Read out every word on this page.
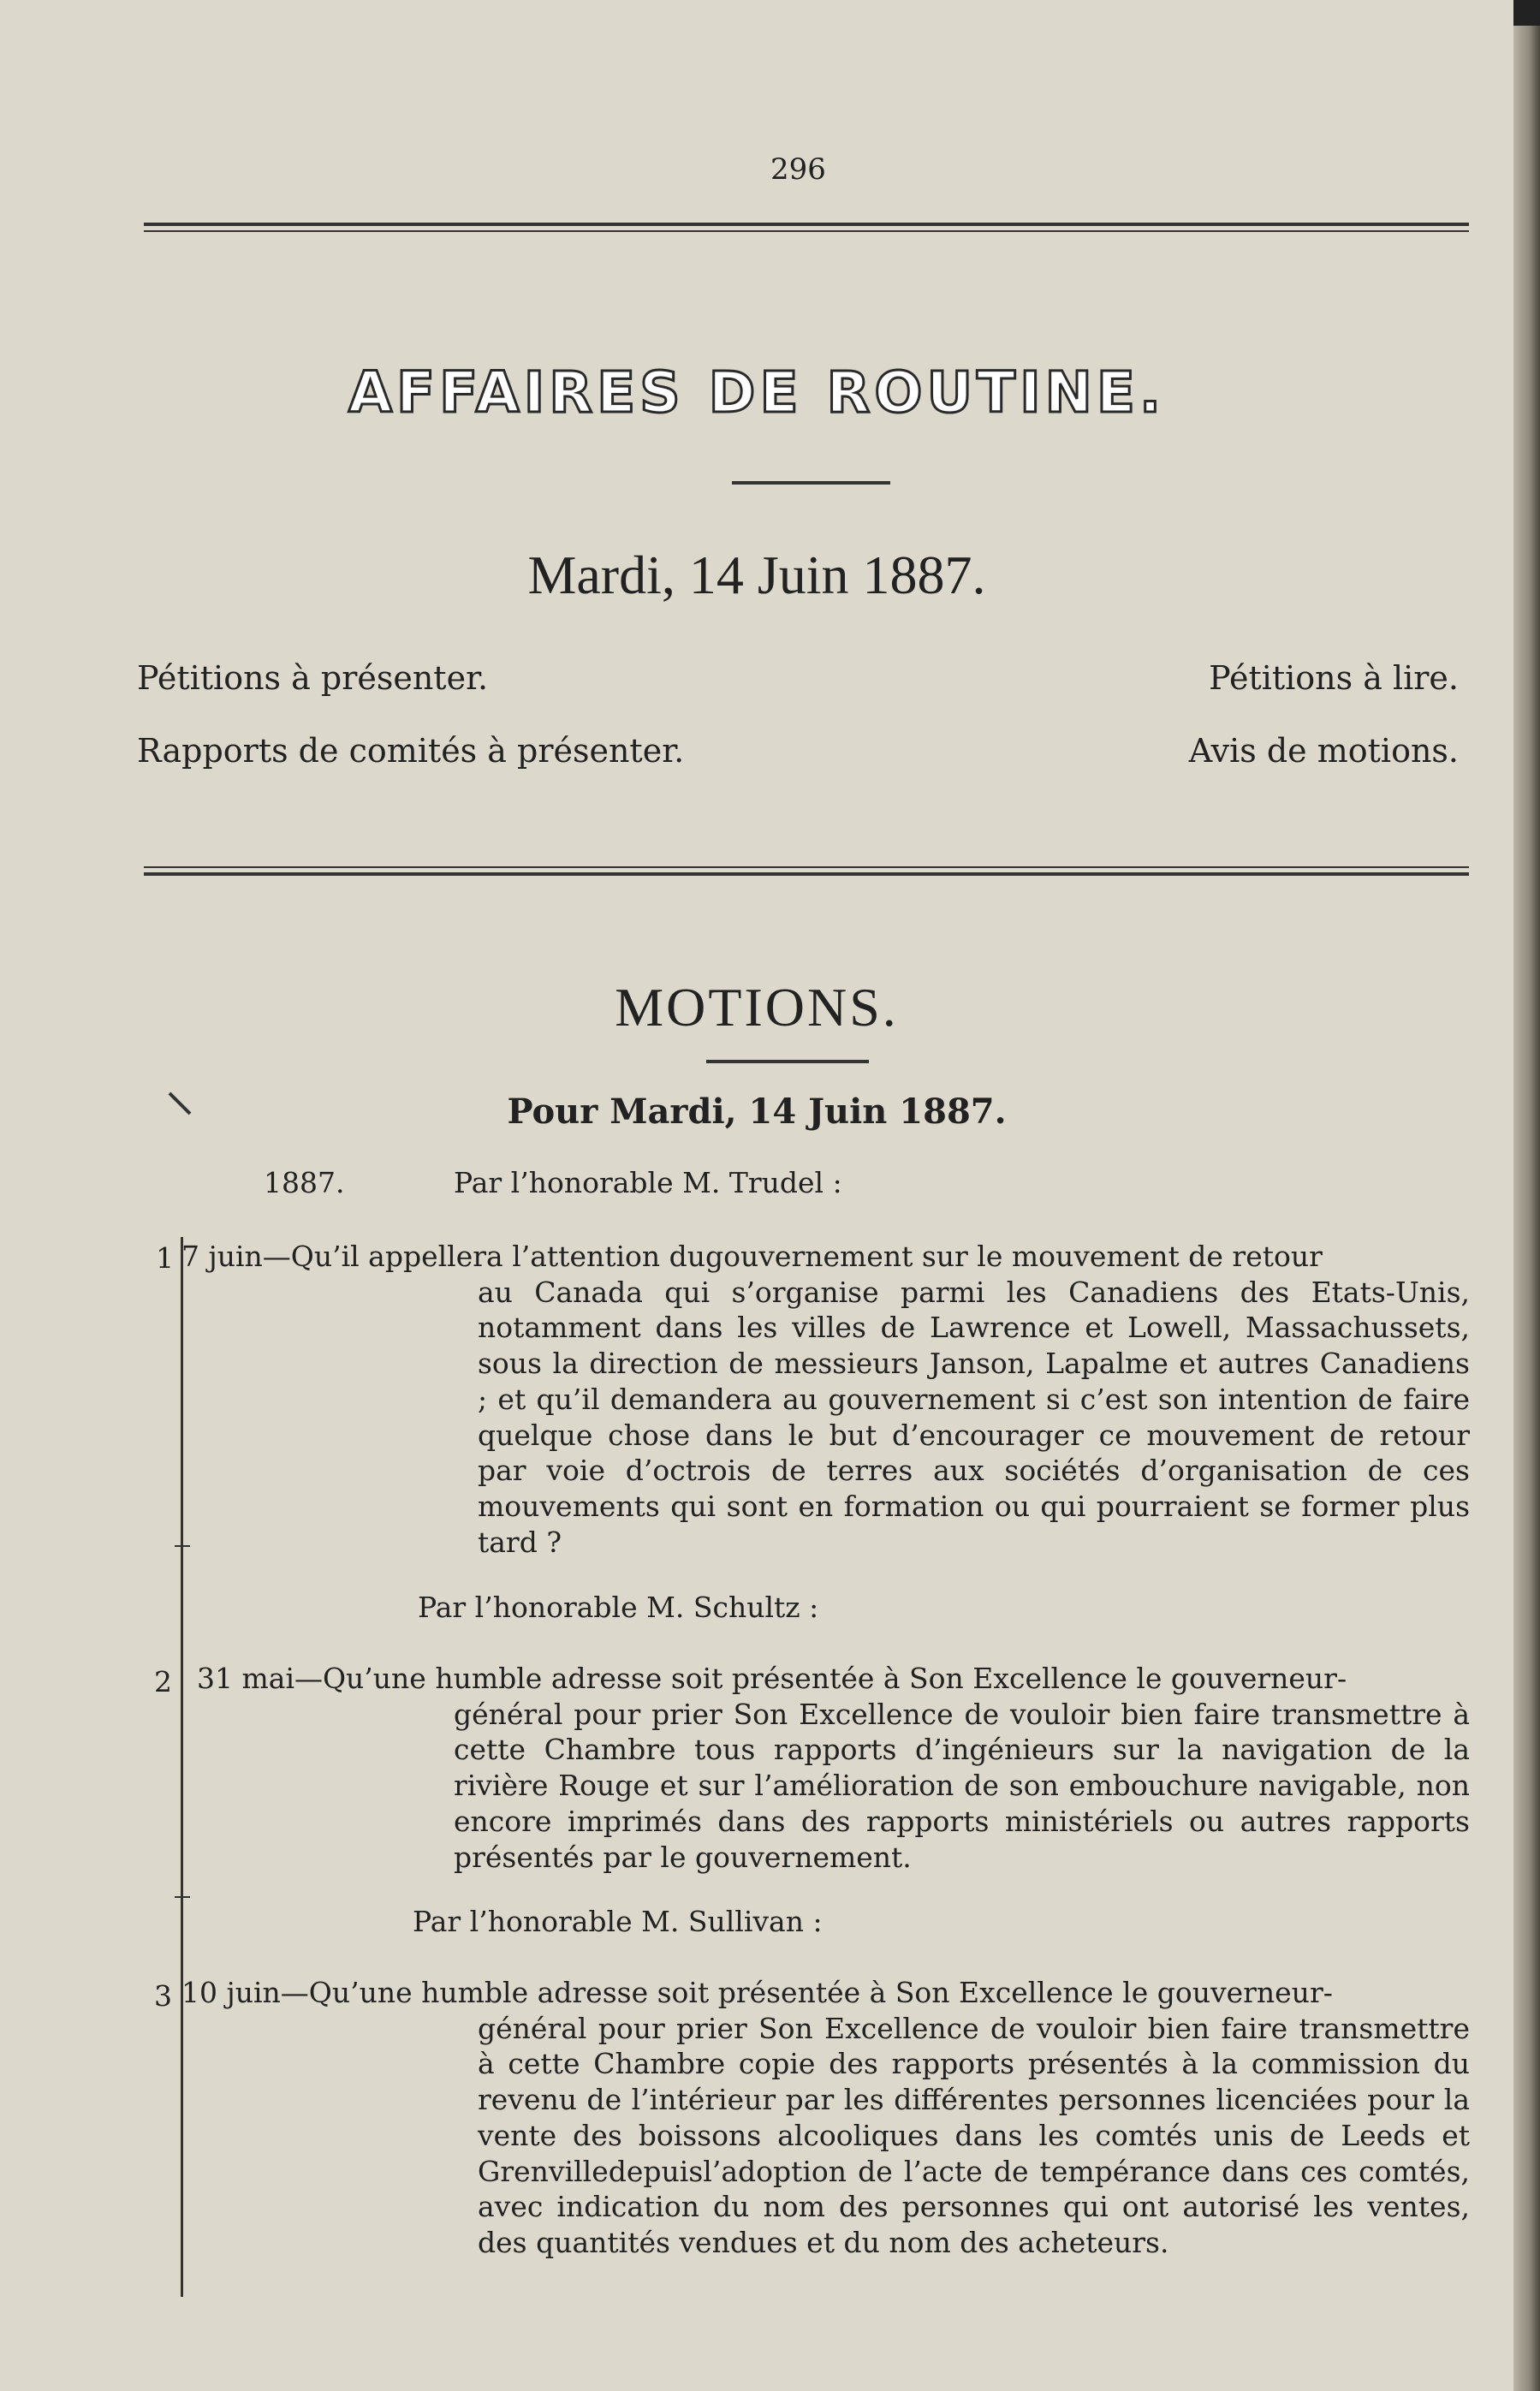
296
AFFAIRES DE ROUTINE.
Mardi, 14 Juin 1887.
Pétitions à présenter.
Rapports de comités à présenter.
Pétitions à lire.
Avis de motions.
MOTIONS.
Pour Mardi, 14 Juin 1887.
1887.	Par l’honorable M. Trudel :
1 7 juin—Qu’il appellera l’attention dugouvernement sur le mouvement de retour
au Canada qui s’organise parmi les Canadiens des Etats-Unis, notamment dans les villes de Lawrence et Lowell, Massachussets, sous la direction de messieurs Janson, Lapalme et autres Canadiens ; et qu’il demandera au gouvernement si c’est son intention de faire quelque chose dans le but d’encourager ce mouvement de retour par voie d’octrois de terres aux sociétés d’organisation de ces mouvements qui sont en formation ou qui pourraient se former plus tard ?
Par l’honorable M. Schultz :
2 31 mai—Qu’une humble adresse soit présentée à Son Excellence le gouverneur-
général pour prier Son Excellence de vouloir bien faire transmettre à cette Chambre tous rapports d’ingénieurs sur la navigation de la rivière Rouge et sur l’amélioration de son embouchure navigable, non encore imprimés dans des rapports ministériels ou autres rapports présentés par le gouvernement.
Par l’honorable M. Sullivan :
3 10 juin—Qu’une humble adresse soit présentée à Son Excellence le gouverneur-
général pour prier Son Excellence de vouloir bien faire transmettre à cette Chambre copie des rapports présentés à la commission du revenu de l’intérieur par les différentes personnes licenciées pour la vente des boissons alcooliques dans les comtés unis de Leeds et Grenvilledepuisl’adoption de l’acte de tempérance dans ces comtés, avec indication du nom des personnes qui ont autorisé les ventes, des quantités vendues et du nom des acheteurs.
